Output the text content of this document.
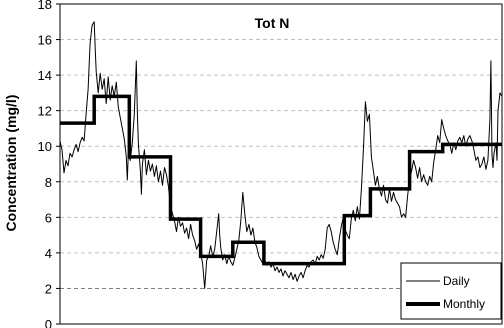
0
2
4
6
8
10
12
14
16
18
Tot N
Concentration (mg/l)
Daily
Monthly
